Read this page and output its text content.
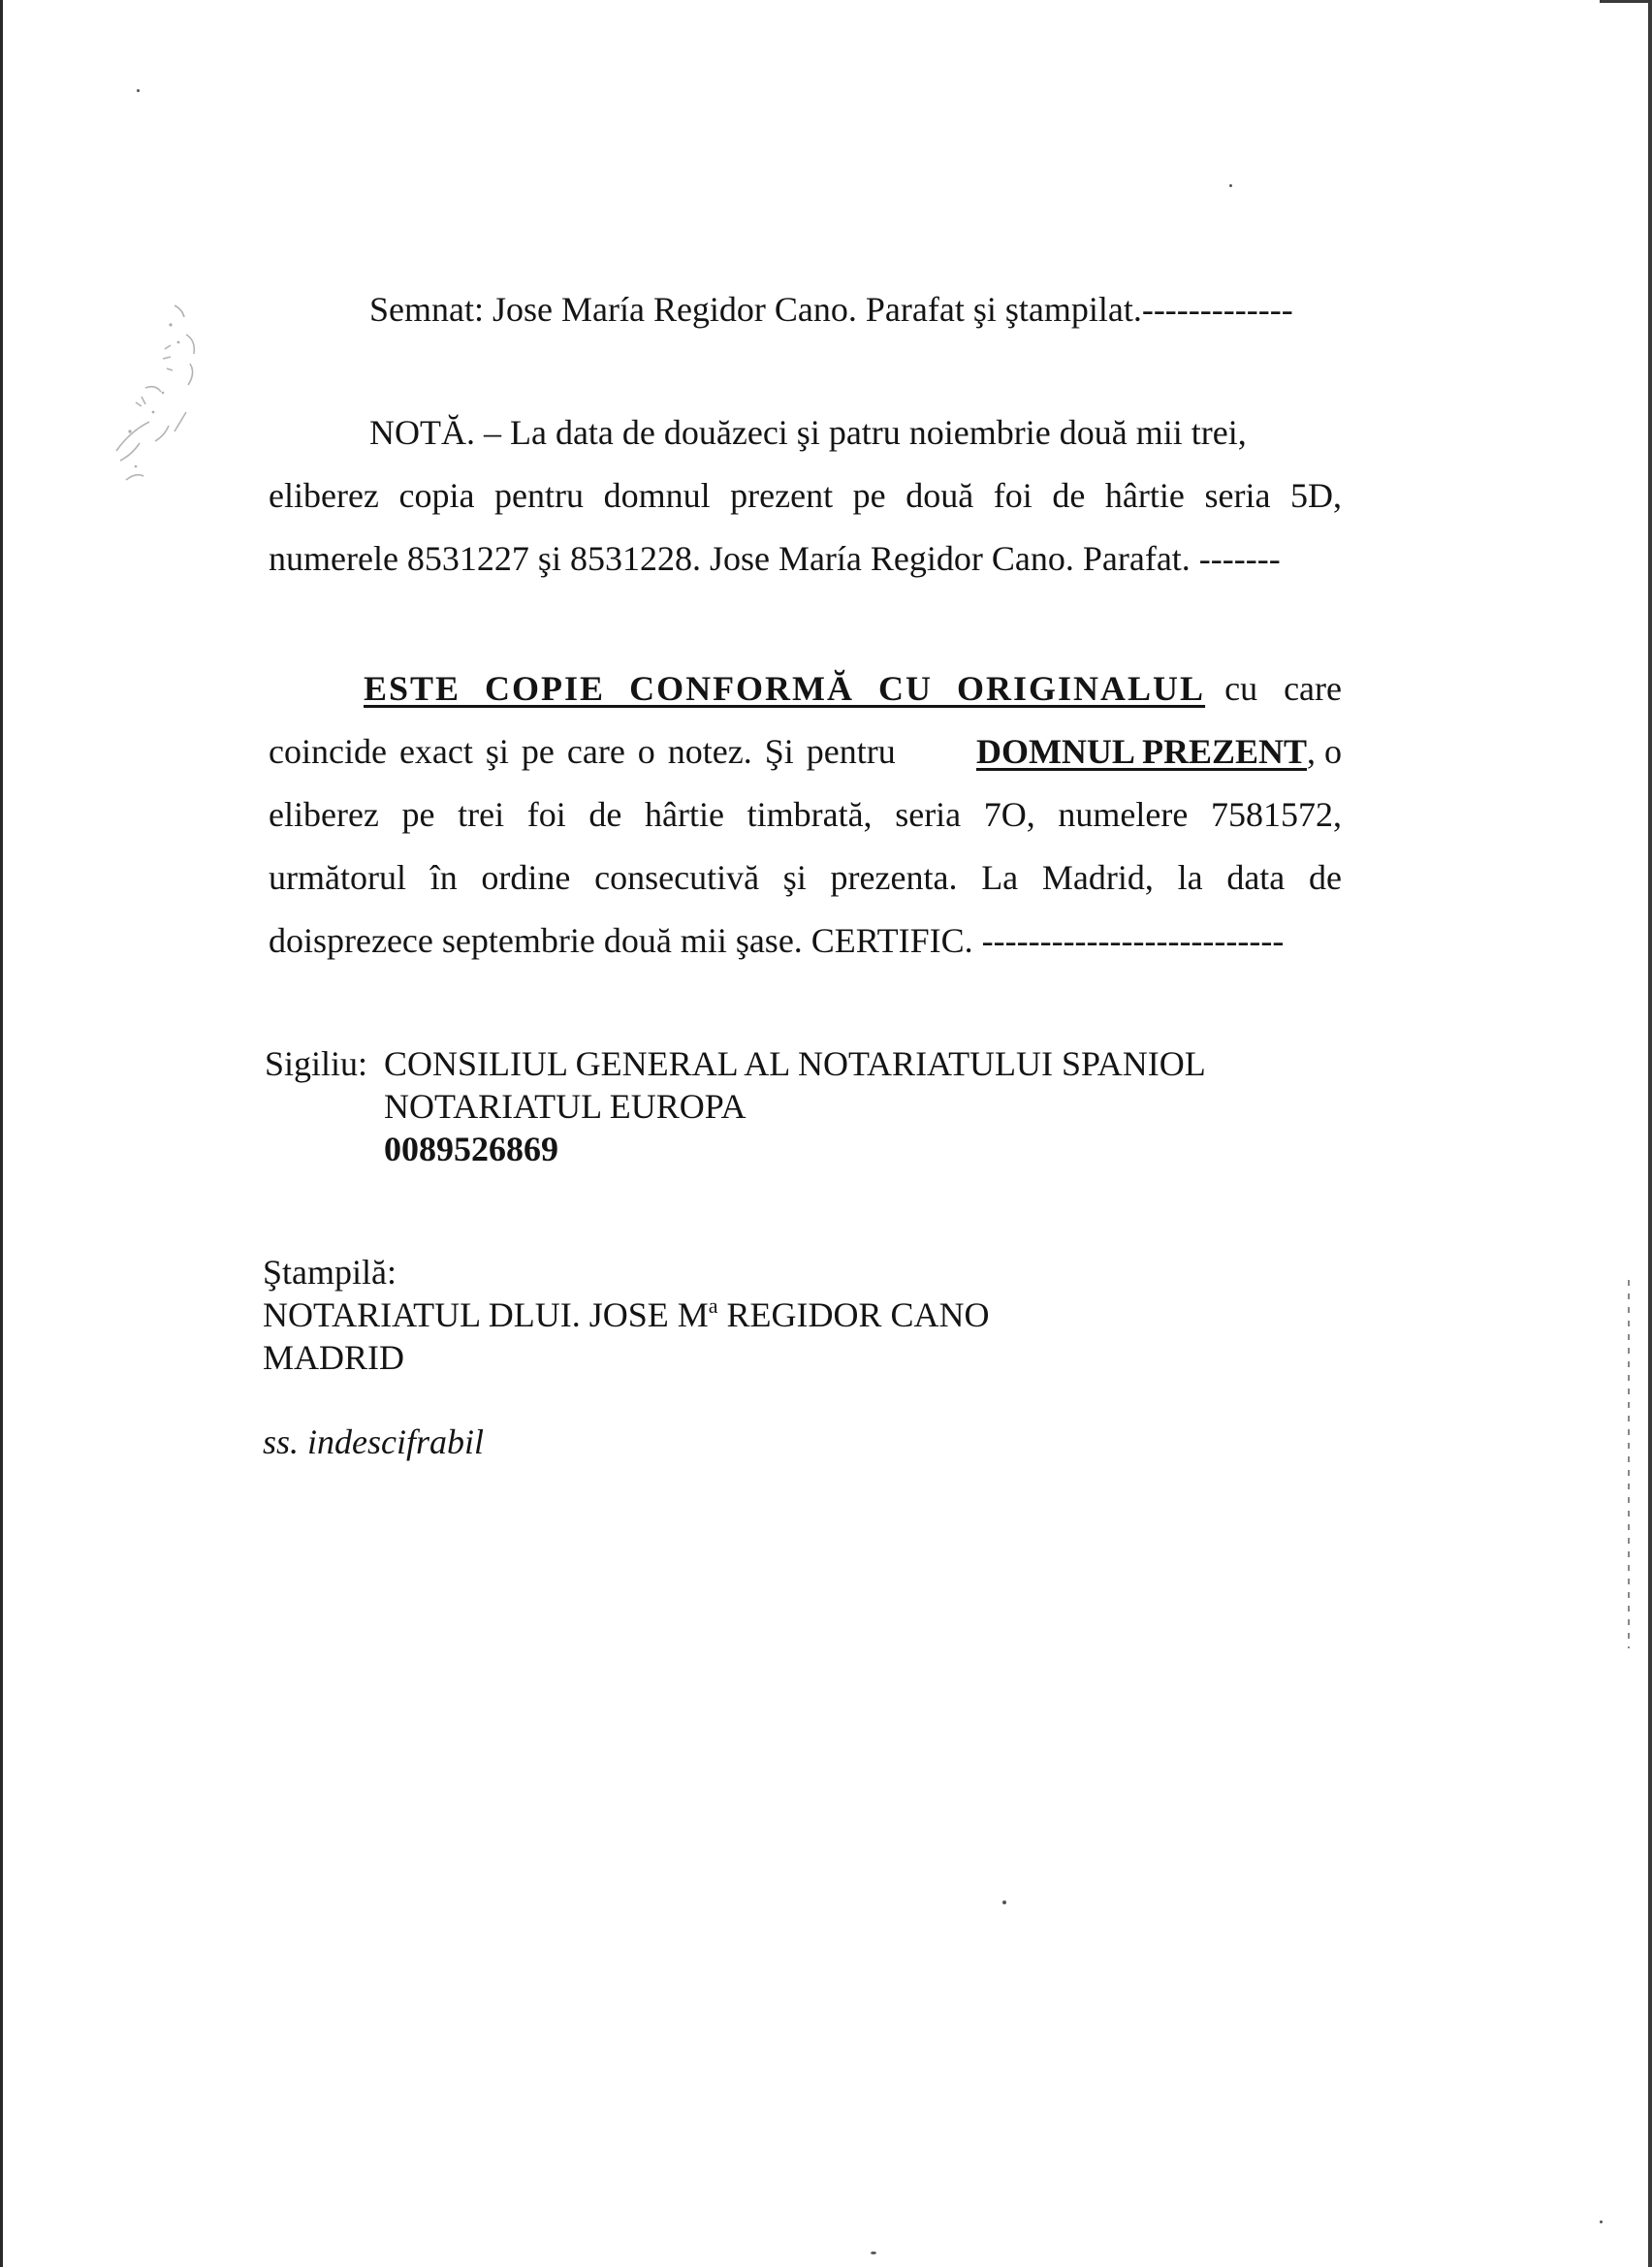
Semnat: Jose María Regidor Cano. Parafat şi ştampilat.-------------
NOTĂ. – La data de douăzeci şi patru noiembrie două mii trei,
eliberez copia pentru domnul prezent pe două foi de hârtie seria 5D,
numerele 8531227 şi 8531228. Jose María Regidor Cano. Parafat. -------
ESTE COPIE CONFORMĂ CU ORIGINALUL cu care
coincide exact şi pe care o notez. Şi pentru DOMNUL PREZENT, o
eliberez pe trei foi de hârtie timbrată, seria 7O, numelere 7581572,
următorul în ordine consecutivă şi prezenta. La Madrid, la data de
doisprezece septembrie două mii şase. CERTIFIC. --------------------------
Sigiliu: CONSILIUL GENERAL AL NOTARIATULUI SPANIOL
NOTARIATUL EUROPA
0089526869
Ştampilă:
NOTARIATUL DLUI. JOSE $M^a$ REGIDOR CANO
MADRID
ss. indescifrabil
